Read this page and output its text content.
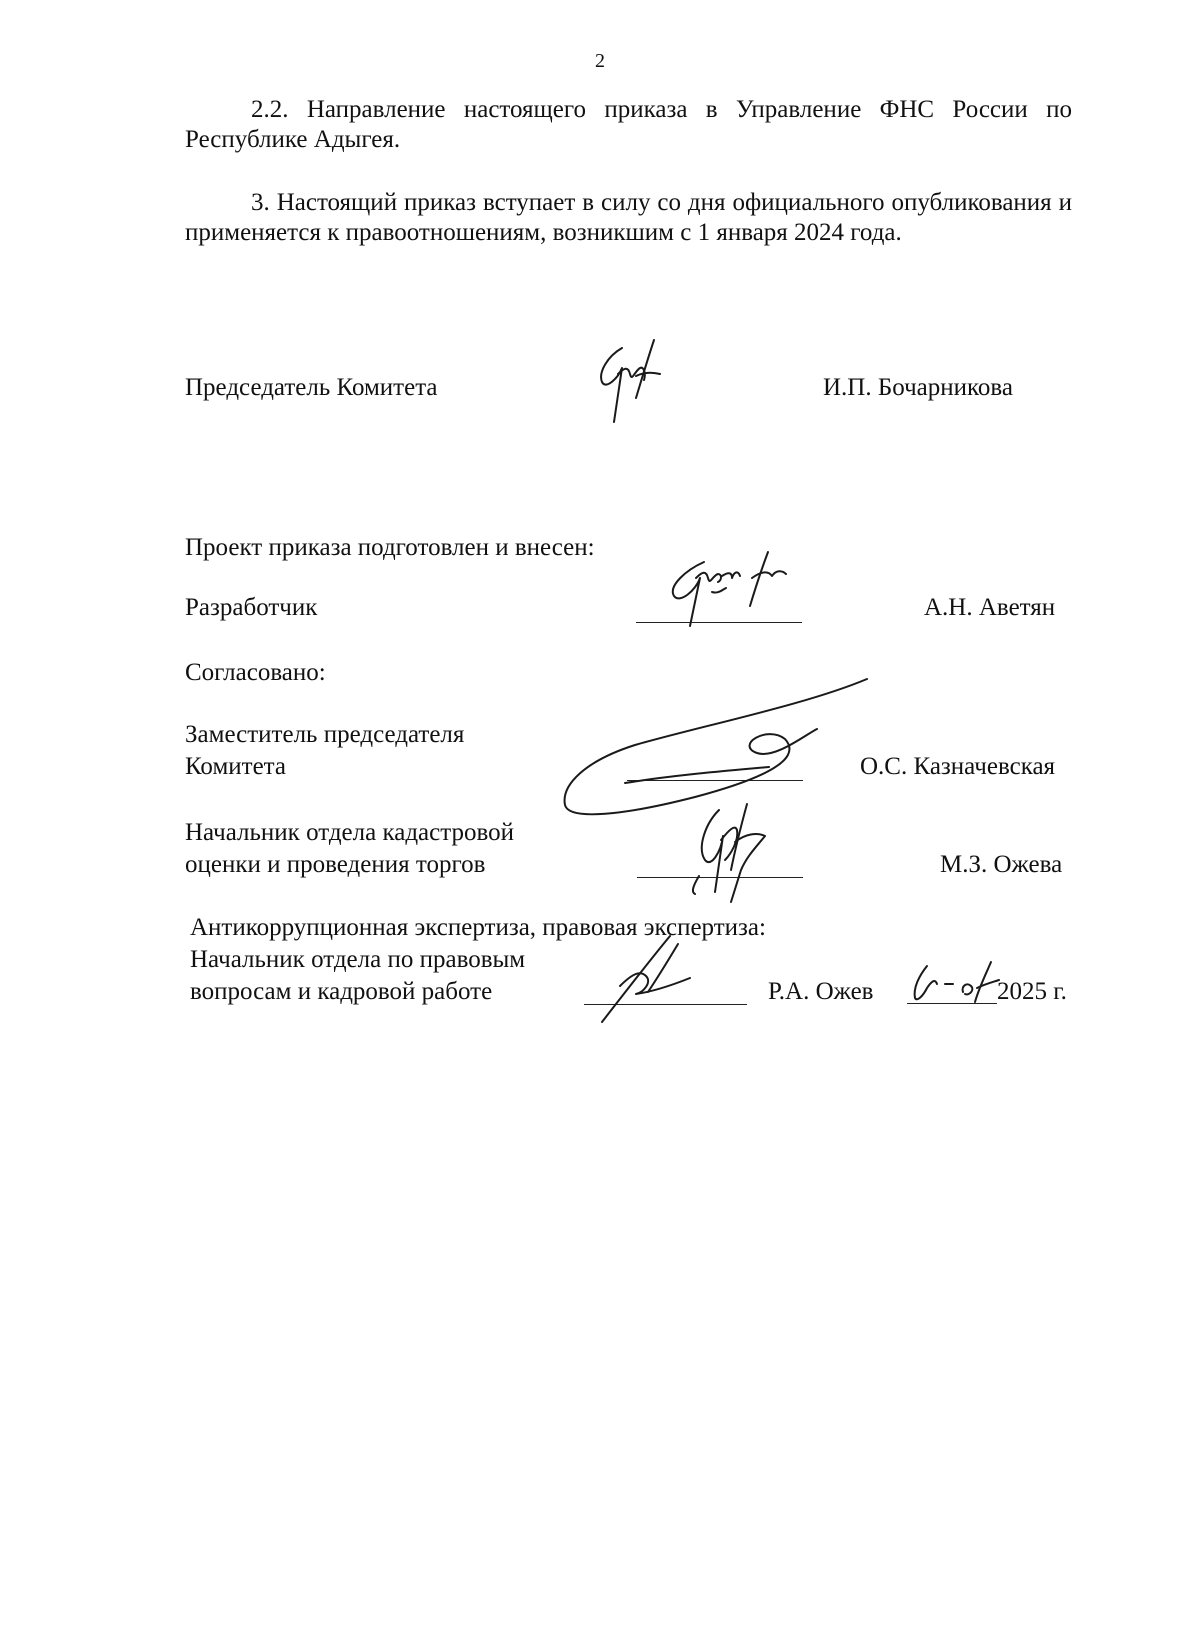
2
2.2. Направление настоящего приказа в Управление ФНС России по Республике Адыгея.
3. Настоящий приказ вступает в силу со дня официального опубликования и применяется к правоотношениям, возникшим с 1 января 2024 года.
Председатель Комитета	И.П. Бочарникова
Проект приказа подготовлен и внесен:
Разработчик	А.Н. Аветян
Согласовано:
Заместитель председателя
Комитета	О.С. Казначевская
Начальник отдела кадастровой
оценки и проведения торгов	М.З. Ожева
Антикоррупционная экспертиза, правовая экспертиза:
Начальник отдела по правовым
вопросам и кадровой работе	Р.А. Ожев	2025 г.
